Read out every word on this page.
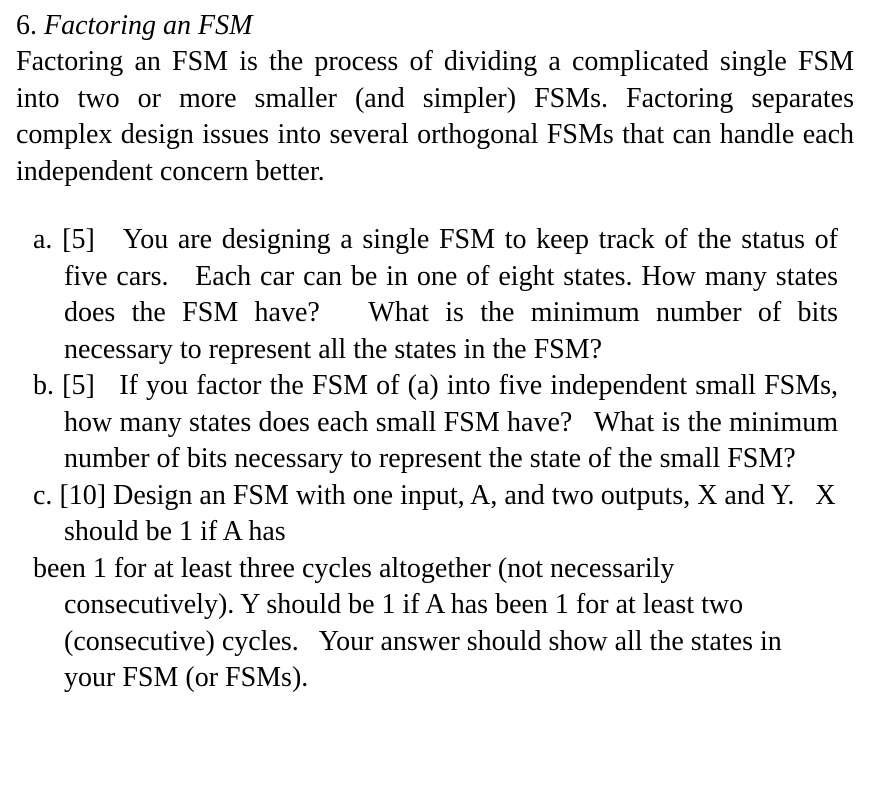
6. Factoring an FSM

Factoring an FSM is the process of dividing a complicated single FSM into two or more smaller (and simpler) FSMs. Factoring separates complex design issues into several orthogonal FSMs that can handle each independent concern better.

a. [5] You are designing a single FSM to keep track of the status of five cars.   Each car can be in one of eight states. How many states does the FSM have?   What is the minimum number of bits necessary to represent all the states in the FSM?
b. [5] If you factor the FSM of (a) into five independent small FSMs, how many states does each small FSM have?   What is the minimum number of bits necessary to represent the state of the small FSM?
c. [10] Design an FSM with one input, A, and two outputs, X and Y.   X should be 1 if A has
been 1 for at least three cycles altogether (not necessarily consecutively). Y should be 1 if A has been 1 for at least two (consecutive) cycles.   Your answer should show all the states in your FSM (or FSMs).
